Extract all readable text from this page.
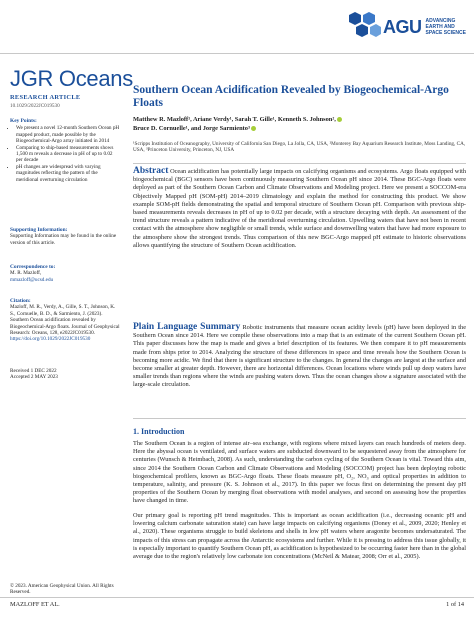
AGU ADVANCING
EARTH AND
SPACE SCIENCE
JGR Oceans
RESEARCH ARTICLE
10.1029/2022JC019530
Key Points:
• We present a novel 12-month Southern Ocean pH mapped product, made possible by the Biogeochemical-Argo array initiated in 2014
• Comparing to ship-based measurements shows 1,500 m reveals a decrease in pH of up to 0.02 per decade
• pH changes are widespread with varying magnitudes reflecting the pattern of the meridional overturning circulation
Supporting Information:
Supporting Information may be found in the online version of this article.
Correspondence to:
M. R. Mazloff,
mmazloff@ucsd.edu
Citation:
Mazloff, M. R., Verdy, A., Gille, S. T., Johnson, K. S., Cornuelle, B. D., & Sarmiento, J. (2023). Southern Ocean acidification revealed by Biogeochemical-Argo floats. Journal of Geophysical Research: Oceans, 128, e2022JC019530.
https://doi.org/10.1029/2022JC019530
Received 1 DEC 2022
Accepted 2 MAY 2023
© 2023. American Geophysical Union. All Rights Reserved.
Southern Ocean Acidification Revealed by Biogeochemical-Argo Floats
Matthew R. Mazloff¹, Ariane Verdy¹, Sarah T. Gille¹, Kenneth S. Johnson²,
Bruce D. Cornuelle¹, and Jorge Sarmiento³
¹Scripps Institution of Oceanography, University of California San Diego, La Jolla, CA, USA, ²Monterey Bay Aquarium Research Institute, Moss Landing, CA, USA, ³Princeton University, Princeton, NJ, USA
Abstract Ocean acidification has potentially large impacts on calcifying organisms and ecosystems. Argo floats equipped with biogeochemical (BGC) sensors have been continuously measuring Southern Ocean pH since 2014. These BGC-Argo floats were deployed as part of the Southern Ocean Carbon and Climate Observations and Modeling project. Here we present a SOCCOM-era Objectively Mapped pH (SOM-pH) 2014–2019 climatology and explain the method for constructing this product. We show example SOM-pH fields demonstrating the spatial and temporal structure of Southern Ocean pH. Comparison with previous ship-based measurements reveals decreases in pH of up to 0.02 per decade, with a structure decaying with depth. An assessment of the trend structure reveals a pattern indicative of the meridional overturning circulation. Upwelling waters that have not been in recent contact with the atmosphere show negligible or small trends, while surface and downwelling waters that have had more exposure to the atmosphere show the strongest trends. Thus comparison of this new BGC-Argo mapped pH estimate to historic observations allows quantifying the structure of Southern Ocean acidification.
Plain Language Summary Robotic instruments that measure ocean acidity levels (pH) have been deployed in the Southern Ocean since 2014. Here we compile these observations into a map that is an estimate of the current Southern Ocean pH. This paper discusses how the map is made and gives a brief description of its features. We then compare it to pH measurements made from ships prior to 2014. Analyzing the structure of these differences in space and time reveals how the Southern Ocean is becoming more acidic. We find that there is significant structure to the changes. In general the changes are largest at the surface and become smaller at greater depth. However, there are horizontal differences. Ocean locations where winds pull up deep waters have smaller trends than regions where the winds are pushing waters down. Thus the ocean changes show a signature associated with the large-scale circulation.
1. Introduction
The Southern Ocean is a region of intense air–sea exchange, with regions where mixed layers can reach hundreds of meters deep. Here the abyssal ocean is ventilated, and surface waters are subducted downward to be sequestered away from the atmosphere for centuries (Wunsch & Heimbach, 2008). As such, understanding the carbon cycling of the Southern Ocean is vital. Toward this aim, since 2014 the Southern Ocean Carbon and Climate Observations and Modeling (SOCCOM) project has been deploying robotic biogeochemical profilers, known as BGC-Argo floats. These floats measure pH, O₂, NO₃ and optical properties in addition to temperature, salinity, and pressure (K. S. Johnson et al., 2017). In this paper we focus first on determining the present day pH properties of the Southern Ocean by merging float observations with model analyses, and second on assessing how the properties have changed in time.
Our primary goal is reporting pH trend magnitudes. This is important as ocean acidification (i.e., decreasing oceanic pH and lowering calcium carbonate saturation state) can have large impacts on calcifying organisms (Doney et al., 2009, 2020; Henley et al., 2020). These organisms struggle to build skeletons and shells in low pH waters where aragonite becomes undersaturated. The impacts of this stress can propagate across the Antarctic ecosystems and further. While it is pressing to address this issue globally, it is especially important to quantify Southern Ocean pH, as acidification is hypothesized to be occurring faster here than in the global average due to the region's relatively low carbonate ion concentrations (McNeil & Matear, 2008; Orr et al., 2005).
MAZLOFF ET AL.	1 of 14
